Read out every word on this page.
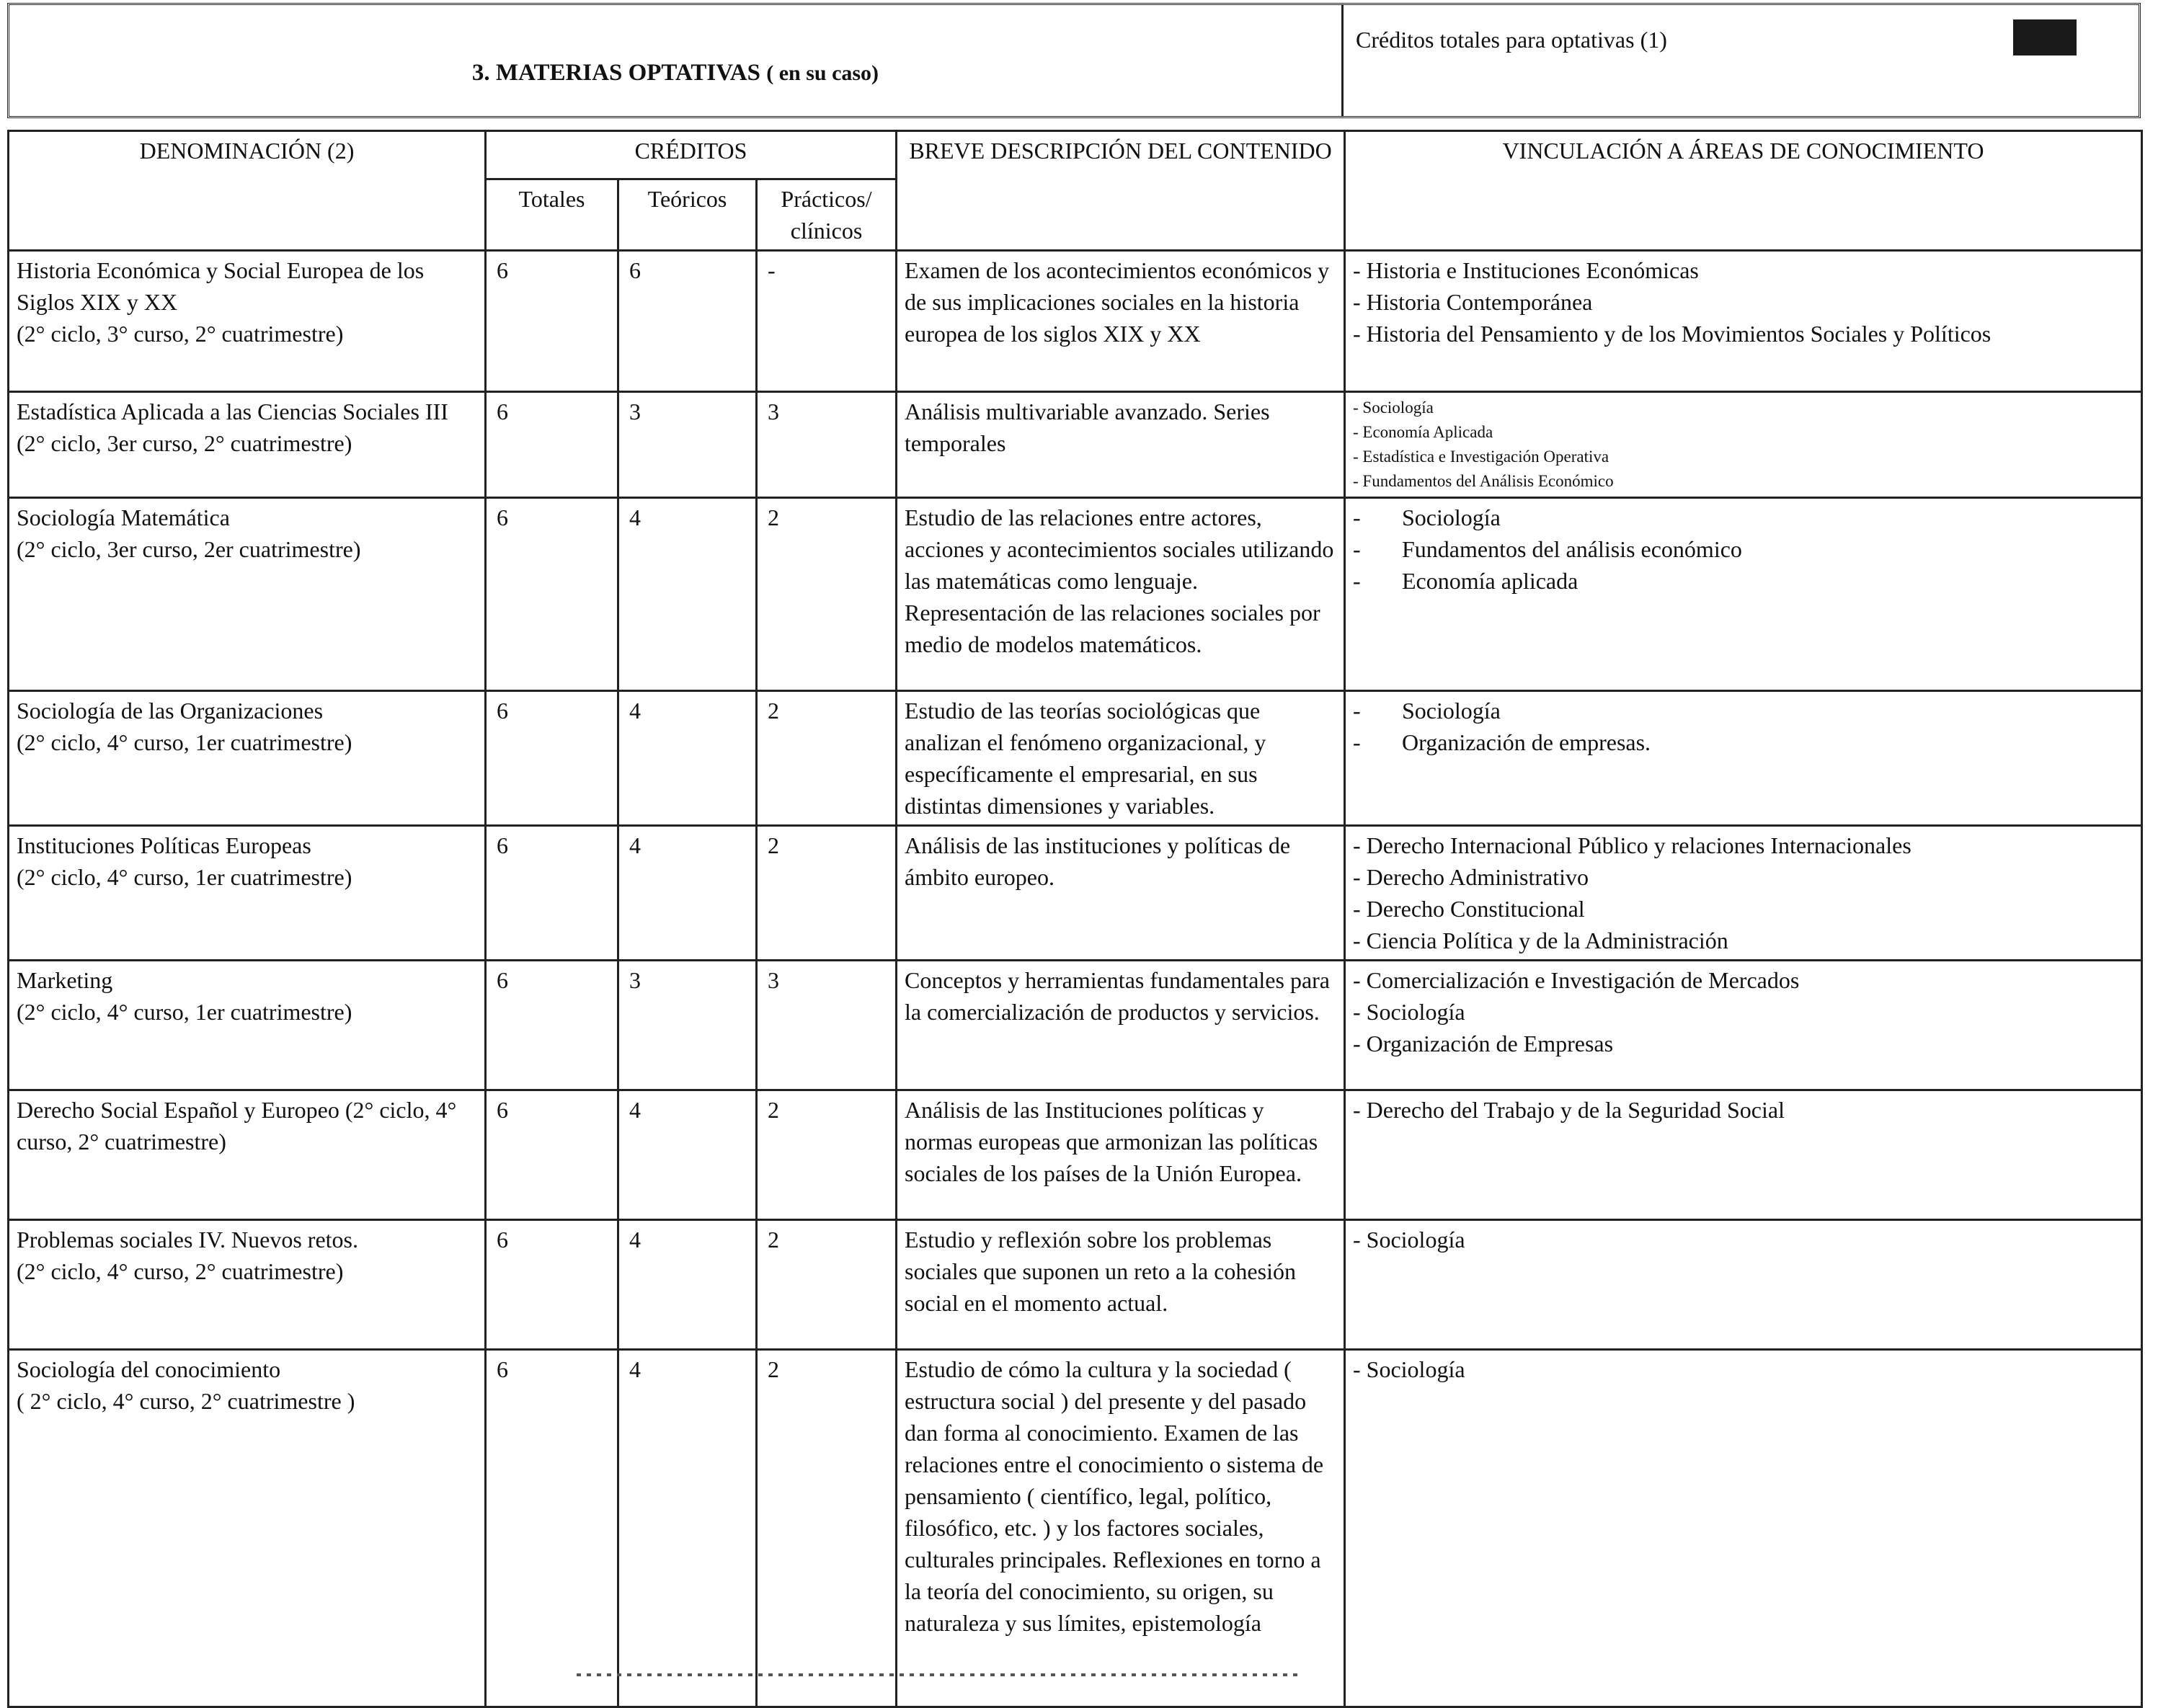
3. MATERIAS OPTATIVAS ( en su caso)
Créditos totales para optativas (1)
DENOMINACIÓN (2)	CRÉDITOS			BREVE DESCRIPCIÓN DEL CONTENIDO	VINCULACIÓN A ÁREAS DE CONOCIMIENTO
	Totales	Teóricos	Prácticos/ clínicos		

Historia Económica y Social Europea de los Siglos XIX y XX
(2° ciclo, 3° curso, 2° cuatrimestre)	6	6	-	Examen de los acontecimientos económicos y de sus implicaciones sociales en la historia europea de los siglos XIX y XX	- Historia e Instituciones Económicas
- Historia Contemporánea
- Historia del Pensamiento y de los Movimientos Sociales y Políticos

Estadística Aplicada a las Ciencias Sociales III
(2° ciclo, 3er curso, 2° cuatrimestre)	6	3	3	Análisis multivariable avanzado. Series temporales	- Sociología
- Economía Aplicada
- Estadística e Investigación Operativa
- Fundamentos del Análisis Económico

Sociología Matemática
(2° ciclo, 3er curso, 2er cuatrimestre)	6	4	2	Estudio de las relaciones entre actores, acciones y acontecimientos sociales utilizando las matemáticas como lenguaje. Representación de las relaciones sociales por medio de modelos matemáticos.	- Sociología
- Fundamentos del análisis económico
- Economía aplicada

Sociología de las Organizaciones
(2° ciclo, 4° curso, 1er cuatrimestre)	6	4	2	Estudio de las teorías sociológicas que analizan el fenómeno organizacional, y específicamente el empresarial, en sus distintas dimensiones y variables.	- Sociología
- Organización de empresas.

Instituciones Políticas Europeas
(2° ciclo, 4° curso, 1er cuatrimestre)	6	4	2	Análisis de las instituciones y políticas de ámbito europeo.	- Derecho Internacional Público y relaciones Internacionales
- Derecho Administrativo
- Derecho Constitucional
- Ciencia Política y de la Administración

Marketing
(2° ciclo, 4° curso, 1er cuatrimestre)	6	3	3	Conceptos y herramientas fundamentales para la comercialización de productos y servicios.	- Comercialización e Investigación de Mercados
- Sociología
- Organización de Empresas

Derecho Social Español y Europeo (2° ciclo, 4° curso, 2° cuatrimestre)	6	4	2	Análisis de las Instituciones políticas y normas europeas que armonizan las políticas sociales de los países de la Unión Europea.	- Derecho del Trabajo y de la Seguridad Social

Problemas sociales IV. Nuevos retos.
(2° ciclo, 4° curso, 2° cuatrimestre)	6	4	2	Estudio y reflexión sobre los problemas sociales que suponen un reto a la cohesión social en el momento actual.	- Sociología

Sociología del conocimiento
( 2° ciclo, 4° curso, 2° cuatrimestre )	6	4	2	Estudio de cómo la cultura y la sociedad ( estructura social ) del presente y del pasado dan forma al conocimiento. Examen de las relaciones entre el conocimiento o sistema de pensamiento ( científico, legal, político, filosófico, etc. ) y los factores sociales, culturales principales. Reflexiones en torno a la teoría del conocimiento, su origen, su naturaleza y sus límites, epistemología	- Sociología
